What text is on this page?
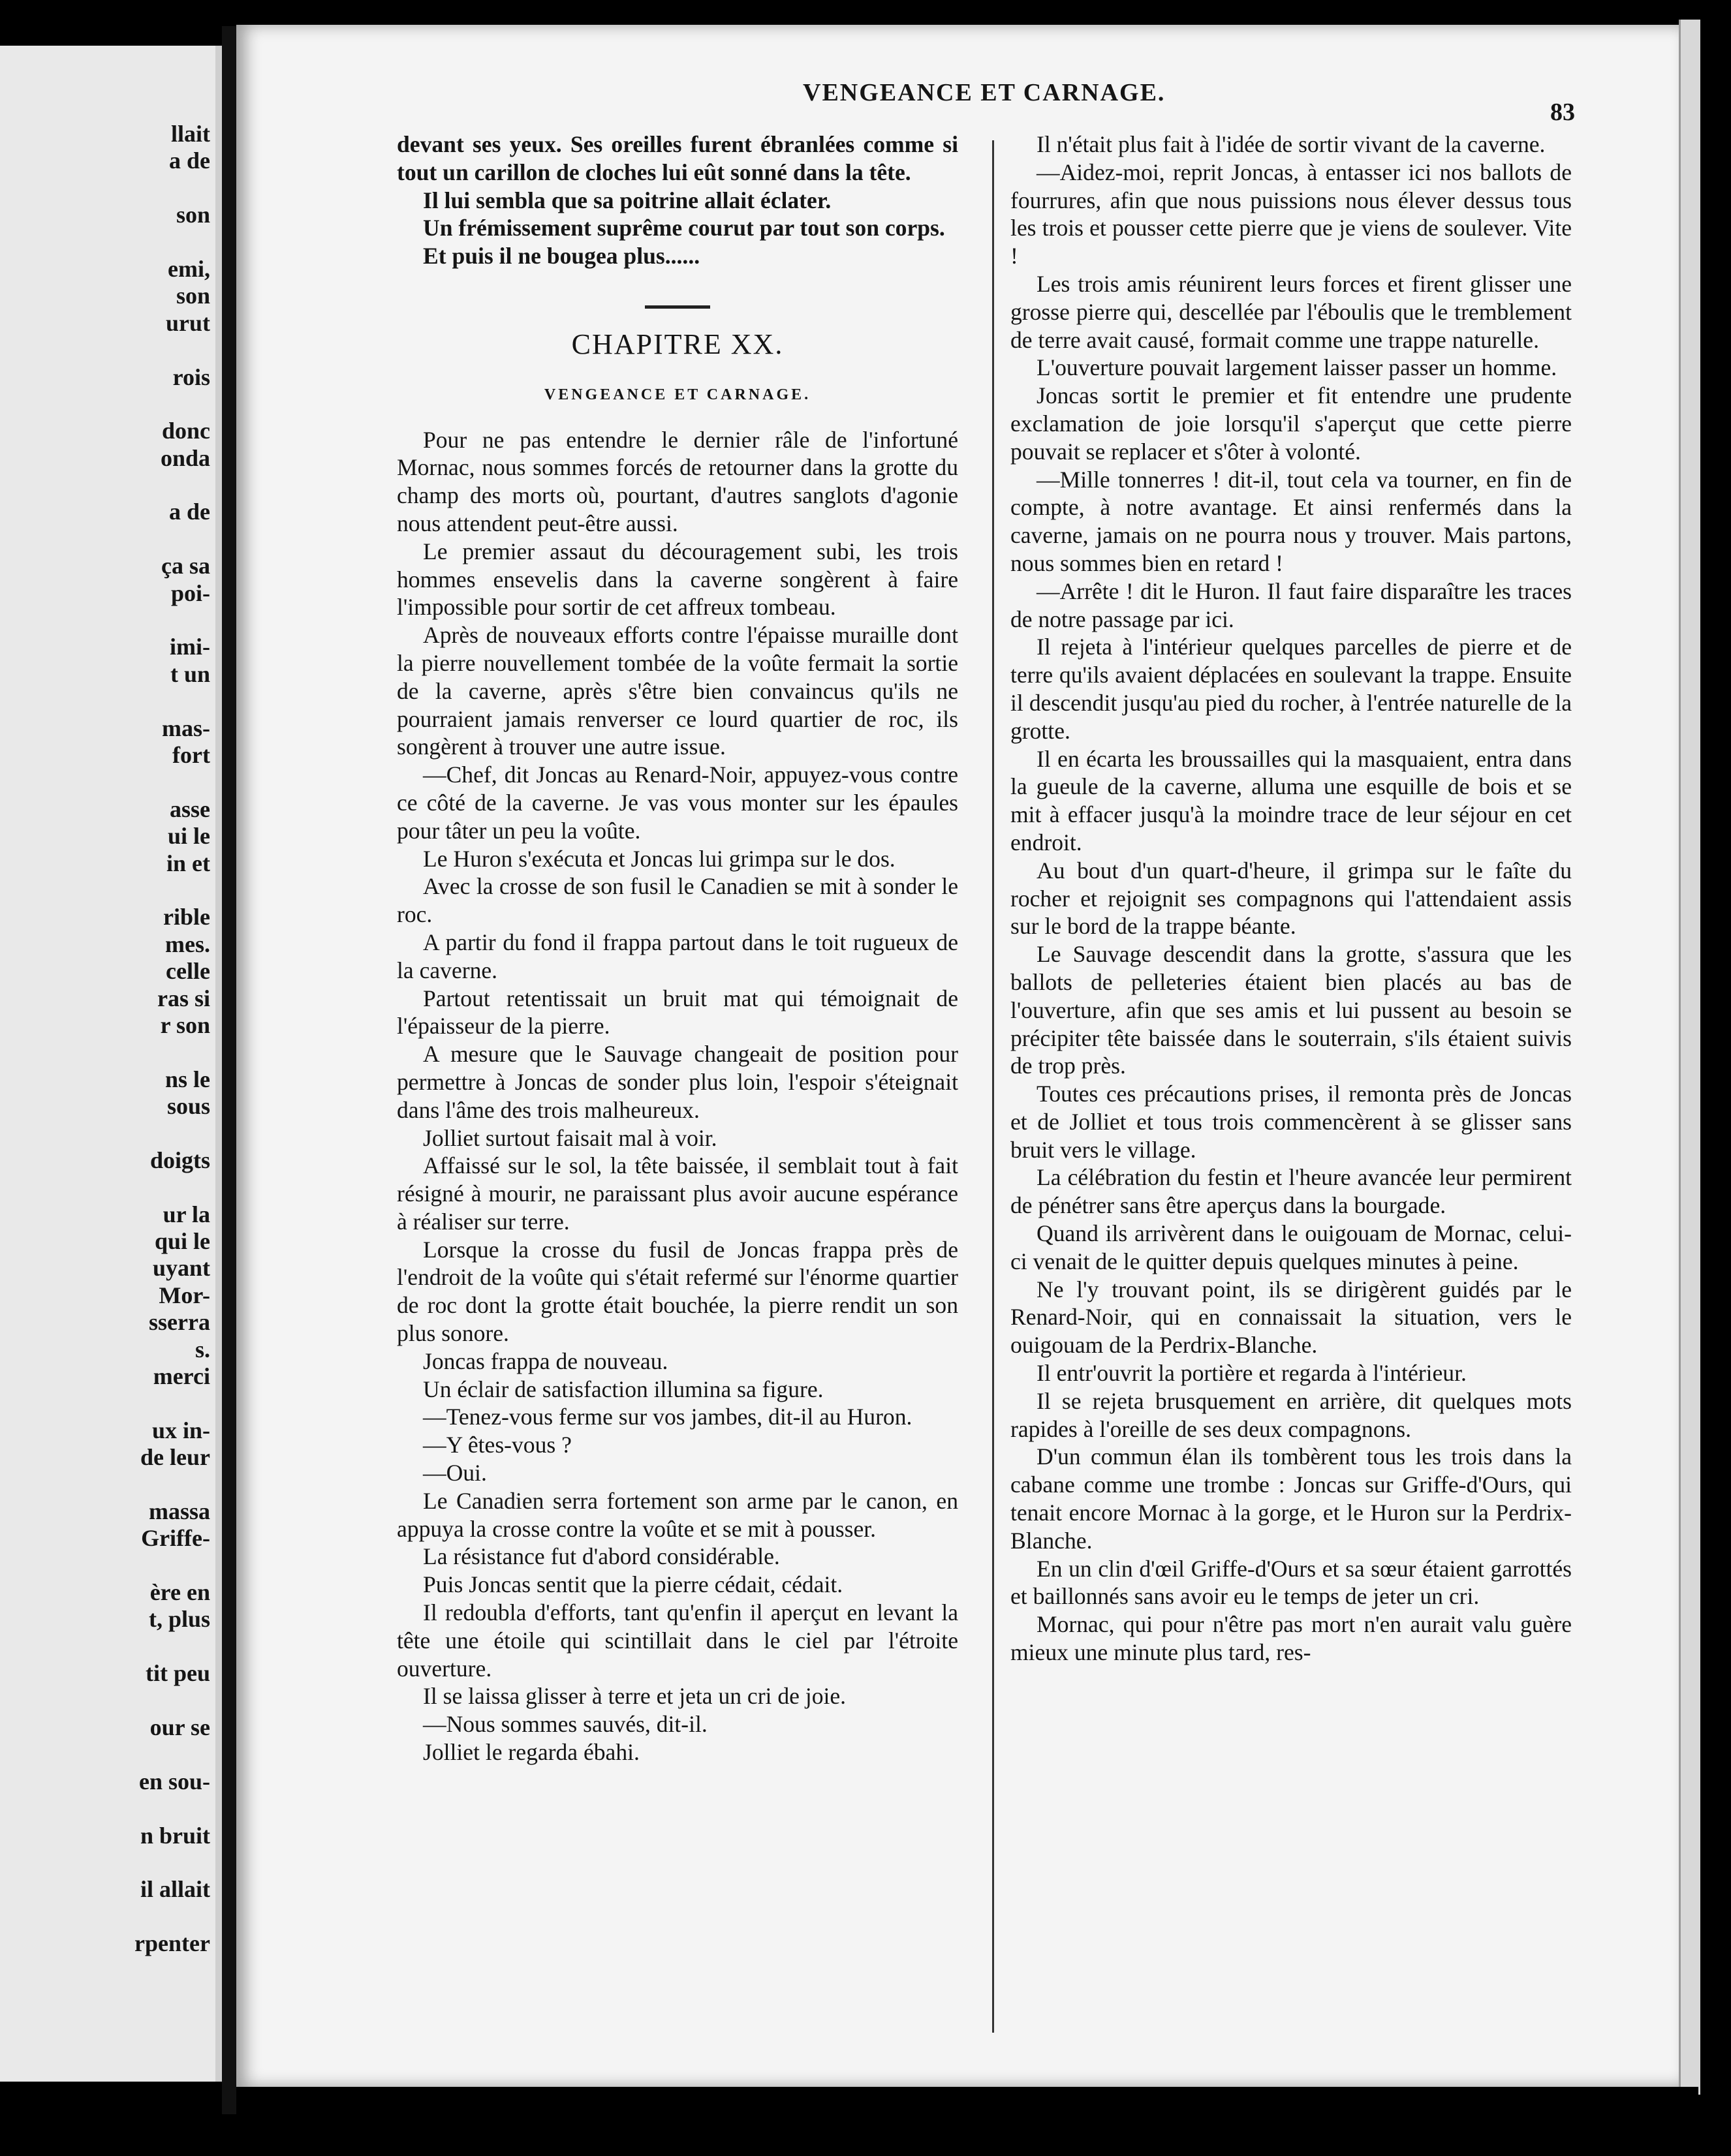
llait
a de
son
emi,
son
urut
rois
donc
onda
a de
ça sa
poi-
imi-
t un
mas-
fort
asse
ui le
in et
rible
mes.
celle
ras si
r son
ns le
sous
doigts
ur la
qui le
uyant
Mor-
sserra
s.
merci
ux in-
de leur
massa
Griffe-
ère en
t, plus
tit peu
our se
en sou-
n bruit
il allait
rpenter
VENGEANCE ET CARNAGE.
83

devant ses yeux. Ses oreilles furent ébranlées comme si tout un carillon de cloches lui eût sonné dans la tête.

Il lui sembla que sa poitrine allait éclater.

Un frémissement suprême courut par tout son corps.

Et puis il ne bougea plus......

CHAPITRE XX.
VENGEANCE ET CARNAGE.

Pour ne pas entendre le dernier râle de l'infortuné Mornac, nous sommes forcés de retourner dans la grotte du champ des morts où, pourtant, d'autres sanglots d'agonie nous attendent peut-être aussi.

Le premier assaut du découragement subi, les trois hommes ensevelis dans la caverne songèrent à faire l'impossible pour sortir de cet affreux tombeau.

Après de nouveaux efforts contre l'épaisse muraille dont la pierre nouvellement tombée de la voûte fermait la sortie de la caverne, après s'être bien convaincus qu'ils ne pourraient jamais renverser ce lourd quartier de roc, ils songèrent à trouver une autre issue.

—Chef, dit Joncas au Renard-Noir, appuyez-vous contre ce côté de la caverne. Je vas vous monter sur les épaules pour tâter un peu la voûte.

Le Huron s'exécuta et Joncas lui grimpa sur le dos.

Avec la crosse de son fusil le Canadien se mit à sonder le roc.

A partir du fond il frappa partout dans le toit rugueux de la caverne.

Partout retentissait un bruit mat qui témoignait de l'épaisseur de la pierre.

A mesure que le Sauvage changeait de position pour permettre à Joncas de sonder plus loin, l'espoir s'éteignait dans l'âme des trois malheureux.

Jolliet surtout faisait mal à voir.

Affaissé sur le sol, la tête baissée, il semblait tout à fait résigné à mourir, ne paraissant plus avoir aucune espérance à réaliser sur terre.

Lorsque la crosse du fusil de Joncas frappa près de l'endroit de la voûte qui s'était refermé sur l'énorme quartier de roc dont la grotte était bouchée, la pierre rendit un son plus sonore.

Joncas frappa de nouveau.

Un éclair de satisfaction illumina sa figure.

—Tenez-vous ferme sur vos jambes, dit-il au Huron.

—Y êtes-vous ?

—Oui.

Le Canadien serra fortement son arme par le canon, en appuya la crosse contre la voûte et se mit à pousser.

La résistance fut d'abord considérable.

Puis Joncas sentit que la pierre cédait, cédait.

Il redoubla d'efforts, tant qu'enfin il aperçut en levant la tête une étoile qui scintillait dans le ciel par l'étroite ouverture.

Il se laissa glisser à terre et jeta un cri de joie.

—Nous sommes sauvés, dit-il.

Jolliet le regarda ébahi.

Il n'était plus fait à l'idée de sortir vivant de la caverne.

—Aidez-moi, reprit Joncas, à entasser ici nos ballots de fourrures, afin que nous puissions nous élever dessus tous les trois et pousser cette pierre que je viens de soulever. Vite !

Les trois amis réunirent leurs forces et firent glisser une grosse pierre qui, descellée par l'éboulis que le tremblement de terre avait causé, formait comme une trappe naturelle.

L'ouverture pouvait largement laisser passer un homme.

Joncas sortit le premier et fit entendre une prudente exclamation de joie lorsqu'il s'aperçut que cette pierre pouvait se replacer et s'ôter à volonté.

—Mille tonnerres ! dit-il, tout cela va tourner, en fin de compte, à notre avantage. Et ainsi renfermés dans la caverne, jamais on ne pourra nous y trouver. Mais partons, nous sommes bien en retard !

—Arrête ! dit le Huron. Il faut faire disparaître les traces de notre passage par ici.

Il rejeta à l'intérieur quelques parcelles de pierre et de terre qu'ils avaient déplacées en soulevant la trappe. Ensuite il descendit jusqu'au pied du rocher, à l'entrée naturelle de la grotte.

Il en écarta les broussailles qui la masquaient, entra dans la gueule de la caverne, alluma une esquille de bois et se mit à effacer jusqu'à la moindre trace de leur séjour en cet endroit.

Au bout d'un quart-d'heure, il grimpa sur le faîte du rocher et rejoignit ses compagnons qui l'attendaient assis sur le bord de la trappe béante.

Le Sauvage descendit dans la grotte, s'assura que les ballots de pelleteries étaient bien placés au bas de l'ouverture, afin que ses amis et lui pussent au besoin se précipiter tête baissée dans le souterrain, s'ils étaient suivis de trop près.

Toutes ces précautions prises, il remonta près de Joncas et de Jolliet et tous trois commencèrent à se glisser sans bruit vers le village.

La célébration du festin et l'heure avancée leur permirent de pénétrer sans être aperçus dans la bourgade.

Quand ils arrivèrent dans le ouigouam de Mornac, celui-ci venait de le quitter depuis quelques minutes à peine.

Ne l'y trouvant point, ils se dirigèrent guidés par le Renard-Noir, qui en connaissait la situation, vers le ouigouam de la Perdrix-Blanche.

Il entr'ouvrit la portière et regarda à l'intérieur.

Il se rejeta brusquement en arrière, dit quelques mots rapides à l'oreille de ses deux compagnons.

D'un commun élan ils tombèrent tous les trois dans la cabane comme une trombe : Joncas sur Griffe-d'Ours, qui tenait encore Mornac à la gorge, et le Huron sur la Perdrix-Blanche.

En un clin d'œil Griffe-d'Ours et sa sœur étaient garrottés et baillonnés sans avoir eu le temps de jeter un cri.

Mornac, qui pour n'être pas mort n'en aurait valu guère mieux une minute plus tard, res-
